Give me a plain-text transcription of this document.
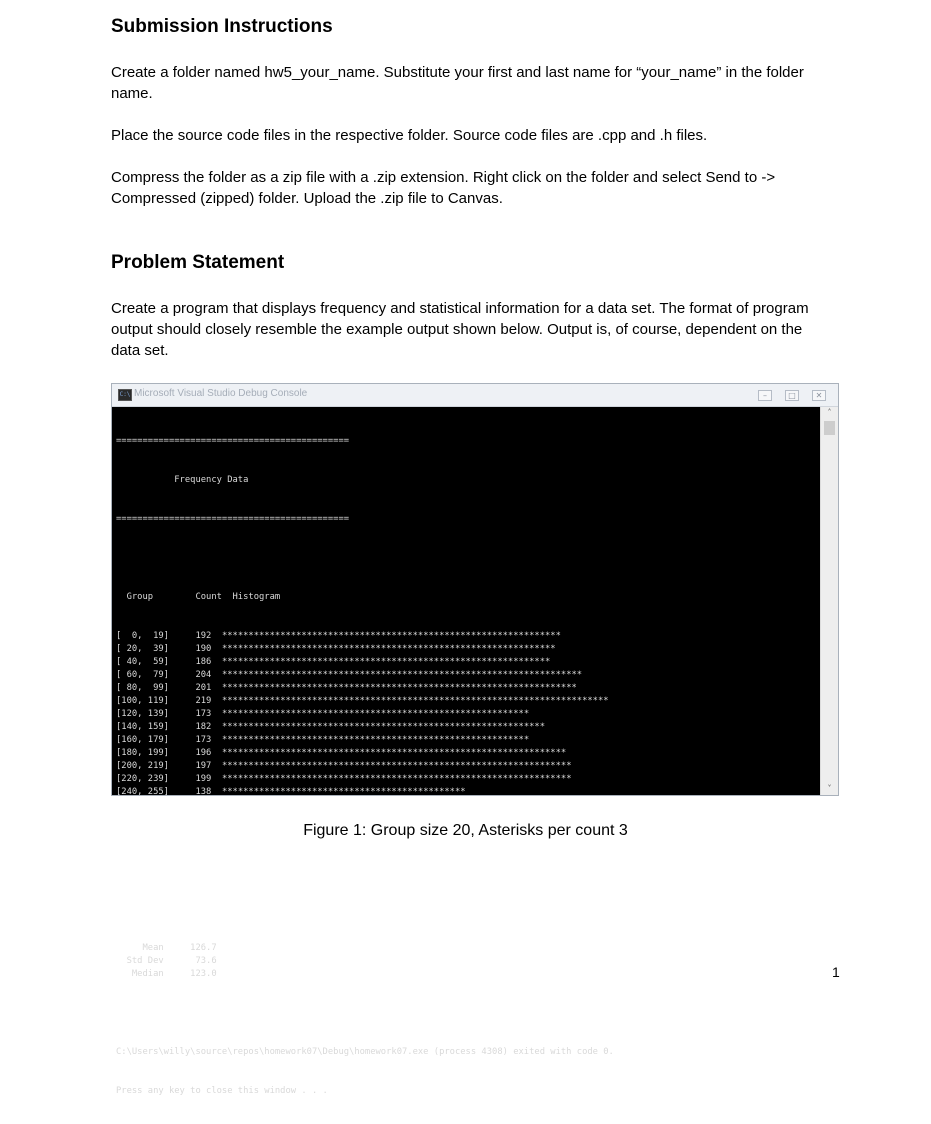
Submission Instructions

Create a folder named hw5_your_name. Substitute your first and last name for “your_name” in the folder name.

Place the source code files in the respective folder. Source code files are .cpp and .h files.

Compress the folder as a zip file with a .zip extension. Right click on the folder and select Send to -> Compressed (zipped) folder. Upload the .zip file to Canvas.

Problem Statement

Create a program that displays frequency and statistical information for a data set. The format of program output should closely resemble the example output shown below. Output is, of course, dependent on the data set.

C:\ Microsoft Visual Studio Debug Console	–	□	✕

============================================

Frequency Data

============================================

Group        Count  Histogram

[  0,  19]	192 ****************************************************************
[ 20,  39]	190 ***************************************************************
[ 40,  59]	186 **************************************************************
[ 60,  79]	204 ********************************************************************
[ 80,  99]	201 *******************************************************************
[100, 119]	219 *************************************************************************
[120, 139]	173 **********************************************************
[140, 159]	182 *************************************************************
[160, 179]	173 **********************************************************
[180, 199]	196 *****************************************************************
[200, 219]	197 ******************************************************************
[220, 239]	199 ******************************************************************
[240, 255]	138 **********************************************

Mean	126.7
Std Dev	73.6
Median	123.0

C:\Users\willy\source\repos\homework07\Debug\homework07.exe (process 4308) exited with code 0.

Press any key to close this window . . .

˄
˅

Figure 1: Group size 20, Asterisks per count 3

1
